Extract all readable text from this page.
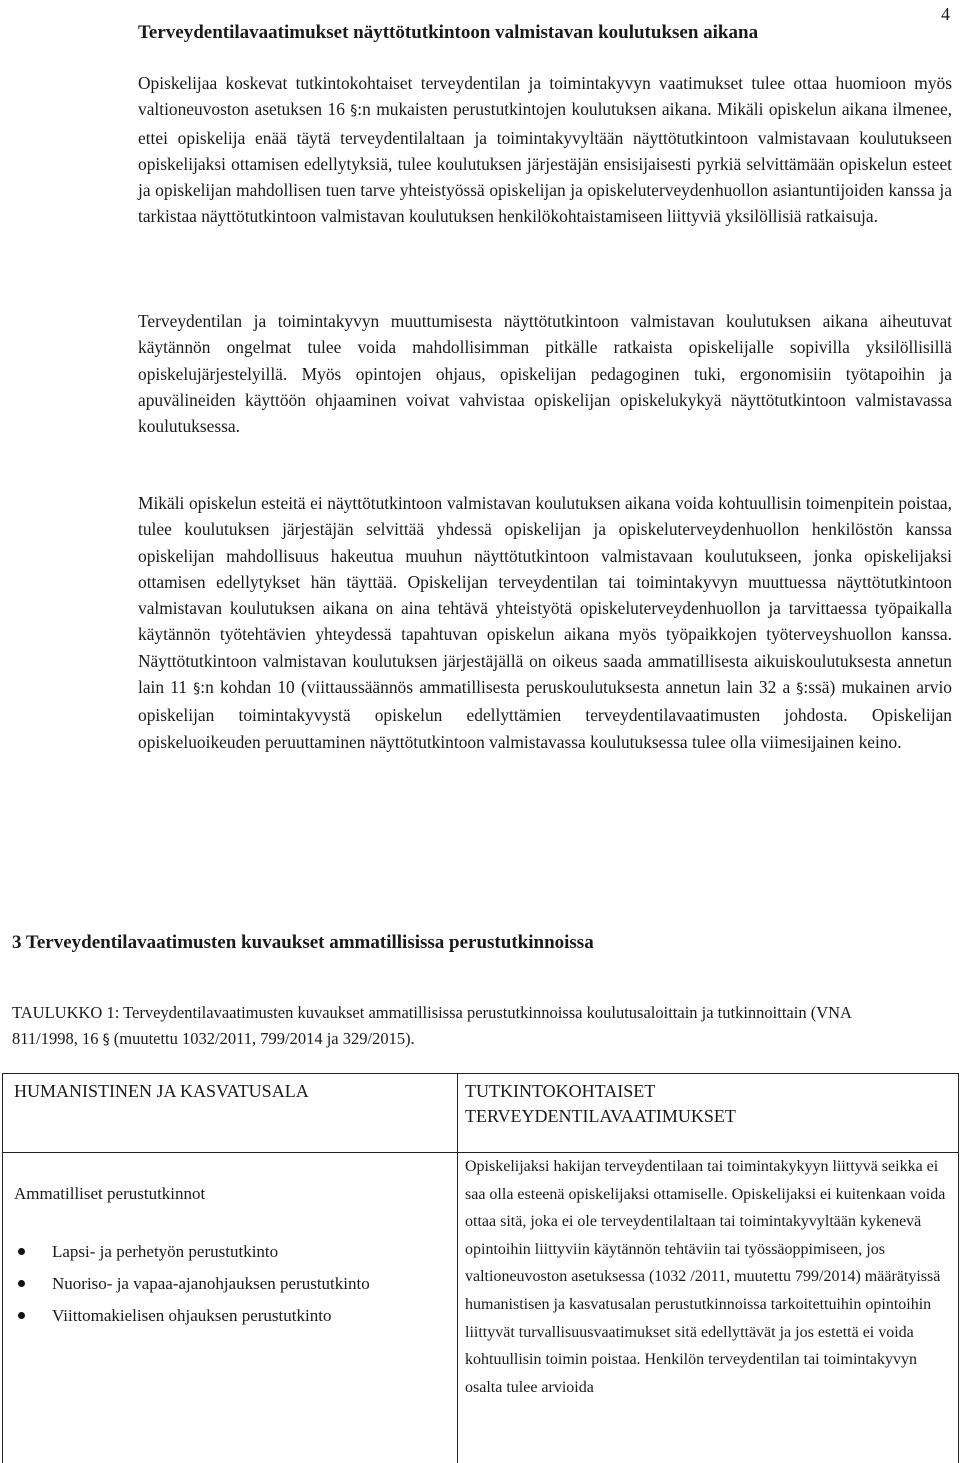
4
Terveydentilavaatimukset näyttötutkintoon valmistavan koulutuksen aikana
Opiskelijaa koskevat tutkintokohtaiset terveydentilan ja toimintakyvyn vaatimukset tulee ottaa huomioon myös valtioneuvoston asetuksen 16 §:n mukaisten perustutkintojen koulutuksen aikana. Mikäli opiskelun aikana ilmenee, ettei opiskelija enää täytä terveydentilaltaan ja toimintakyvyltään näyttötutkintoon valmistavaan koulutukseen opiskelijaksi ottamisen edellytyksiä, tulee koulutuksen järjestäjän ensisijaisesti pyrkiä selvittämään opiskelun esteet ja opiskelijan mahdollisen tuen tarve yhteistyössä opiskelijan ja opiskeluterveydenhuollon asiantuntijoiden kanssa ja tarkistaa näyttötutkintoon valmistavan koulutuksen henkilökohtaistamiseen liittyviä yksilöllisiä ratkaisuja.
Terveydentilan ja toimintakyvyn muuttumisesta näyttötutkintoon valmistavan koulutuksen aikana aiheutuvat käytännön ongelmat tulee voida mahdollisimman pitkälle ratkaista opiskelijalle sopivilla yksilöllisillä opiskelujärjestelyillä. Myös opintojen ohjaus, opiskelijan pedagoginen tuki, ergonomisiin työtapoihin ja apuvälineiden käyttöön ohjaaminen voivat vahvistaa opiskelijan opiskelukykyä näyttötutkintoon valmistavassa koulutuksessa.
Mikäli opiskelun esteitä ei näyttötutkintoon valmistavan koulutuksen aikana voida kohtuullisin toimenpitein poistaa, tulee koulutuksen järjestäjän selvittää yhdessä opiskelijan ja opiskeluterveydenhuollon henkilöstön kanssa opiskelijan mahdollisuus hakeutua muuhun näyttötutkintoon valmistavaan koulutukseen, jonka opiskelijaksi ottamisen edellytykset hän täyttää. Opiskelijan terveydentilan tai toimintakyvyn muuttuessa näyttötutkintoon valmistavan koulutuksen aikana on aina tehtävä yhteistyötä opiskeluterveydenhuollon ja tarvittaessa työpaikalla käytännön työtehtävien yhteydessä tapahtuvan opiskelun aikana myös työpaikkojen työterveyshuollon kanssa. Näyttötutkintoon valmistavan koulutuksen järjestäjällä on oikeus saada ammatillisesta aikuiskoulutuksesta annetun lain 11 §:n kohdan 10 (viittaussäännös ammatillisesta peruskoulutuksesta annetun lain 32 a §:ssä) mukainen arvio opiskelijan toimintakyvystä opiskelun edellyttämien terveydentilavaatimusten johdosta. Opiskelijan opiskeluoikeuden peruuttaminen näyttötutkintoon valmistavassa koulutuksessa tulee olla viimesijainen keino.
3 Terveydentilavaatimusten kuvaukset ammatillisissa perustutkinnoissa
TAULUKKO 1: Terveydentilavaatimusten kuvaukset ammatillisissa perustutkinnoissa koulutusaloittain ja tutkinnoittain (VNA 811/1998, 16 § (muutettu 1032/2011, 799/2014 ja 329/2015).
HUMANISTINEN JA KASVATUSALA	TUTKINTOKOHTAISET TERVEYDENTILAVAATIMUKSET
Ammatilliset perustutkinnot
Lapsi- ja perhetyön perustutkinto
Nuoriso- ja vapaa-ajanohjauksen perustutkinto
Viittomakielisen ohjauksen perustutkinto
Opiskelijaksi hakijan terveydentilaan tai toimintakykyyn liittyvä seikka ei saa olla esteenä opiskelijaksi ottamiselle. Opiskelijaksi ei kuitenkaan voida ottaa sitä, joka ei ole terveydentilaltaan tai toimintakyvyltään kykenevä opintoihin liittyviin käytännön tehtäviin tai työssäoppimiseen, jos valtioneuvoston asetuksessa (1032 /2011, muutettu 799/2014) määrätyissä humanistisen ja kasvatusalan perustutkinnoissa tarkoitettuihin opintoihin liittyvät turvallisuusvaatimukset sitä edellyttävät ja jos estettä ei voida kohtuullisin toimin poistaa. Henkilön terveydentilan tai toimintakyvyn osalta tulee arvioida
